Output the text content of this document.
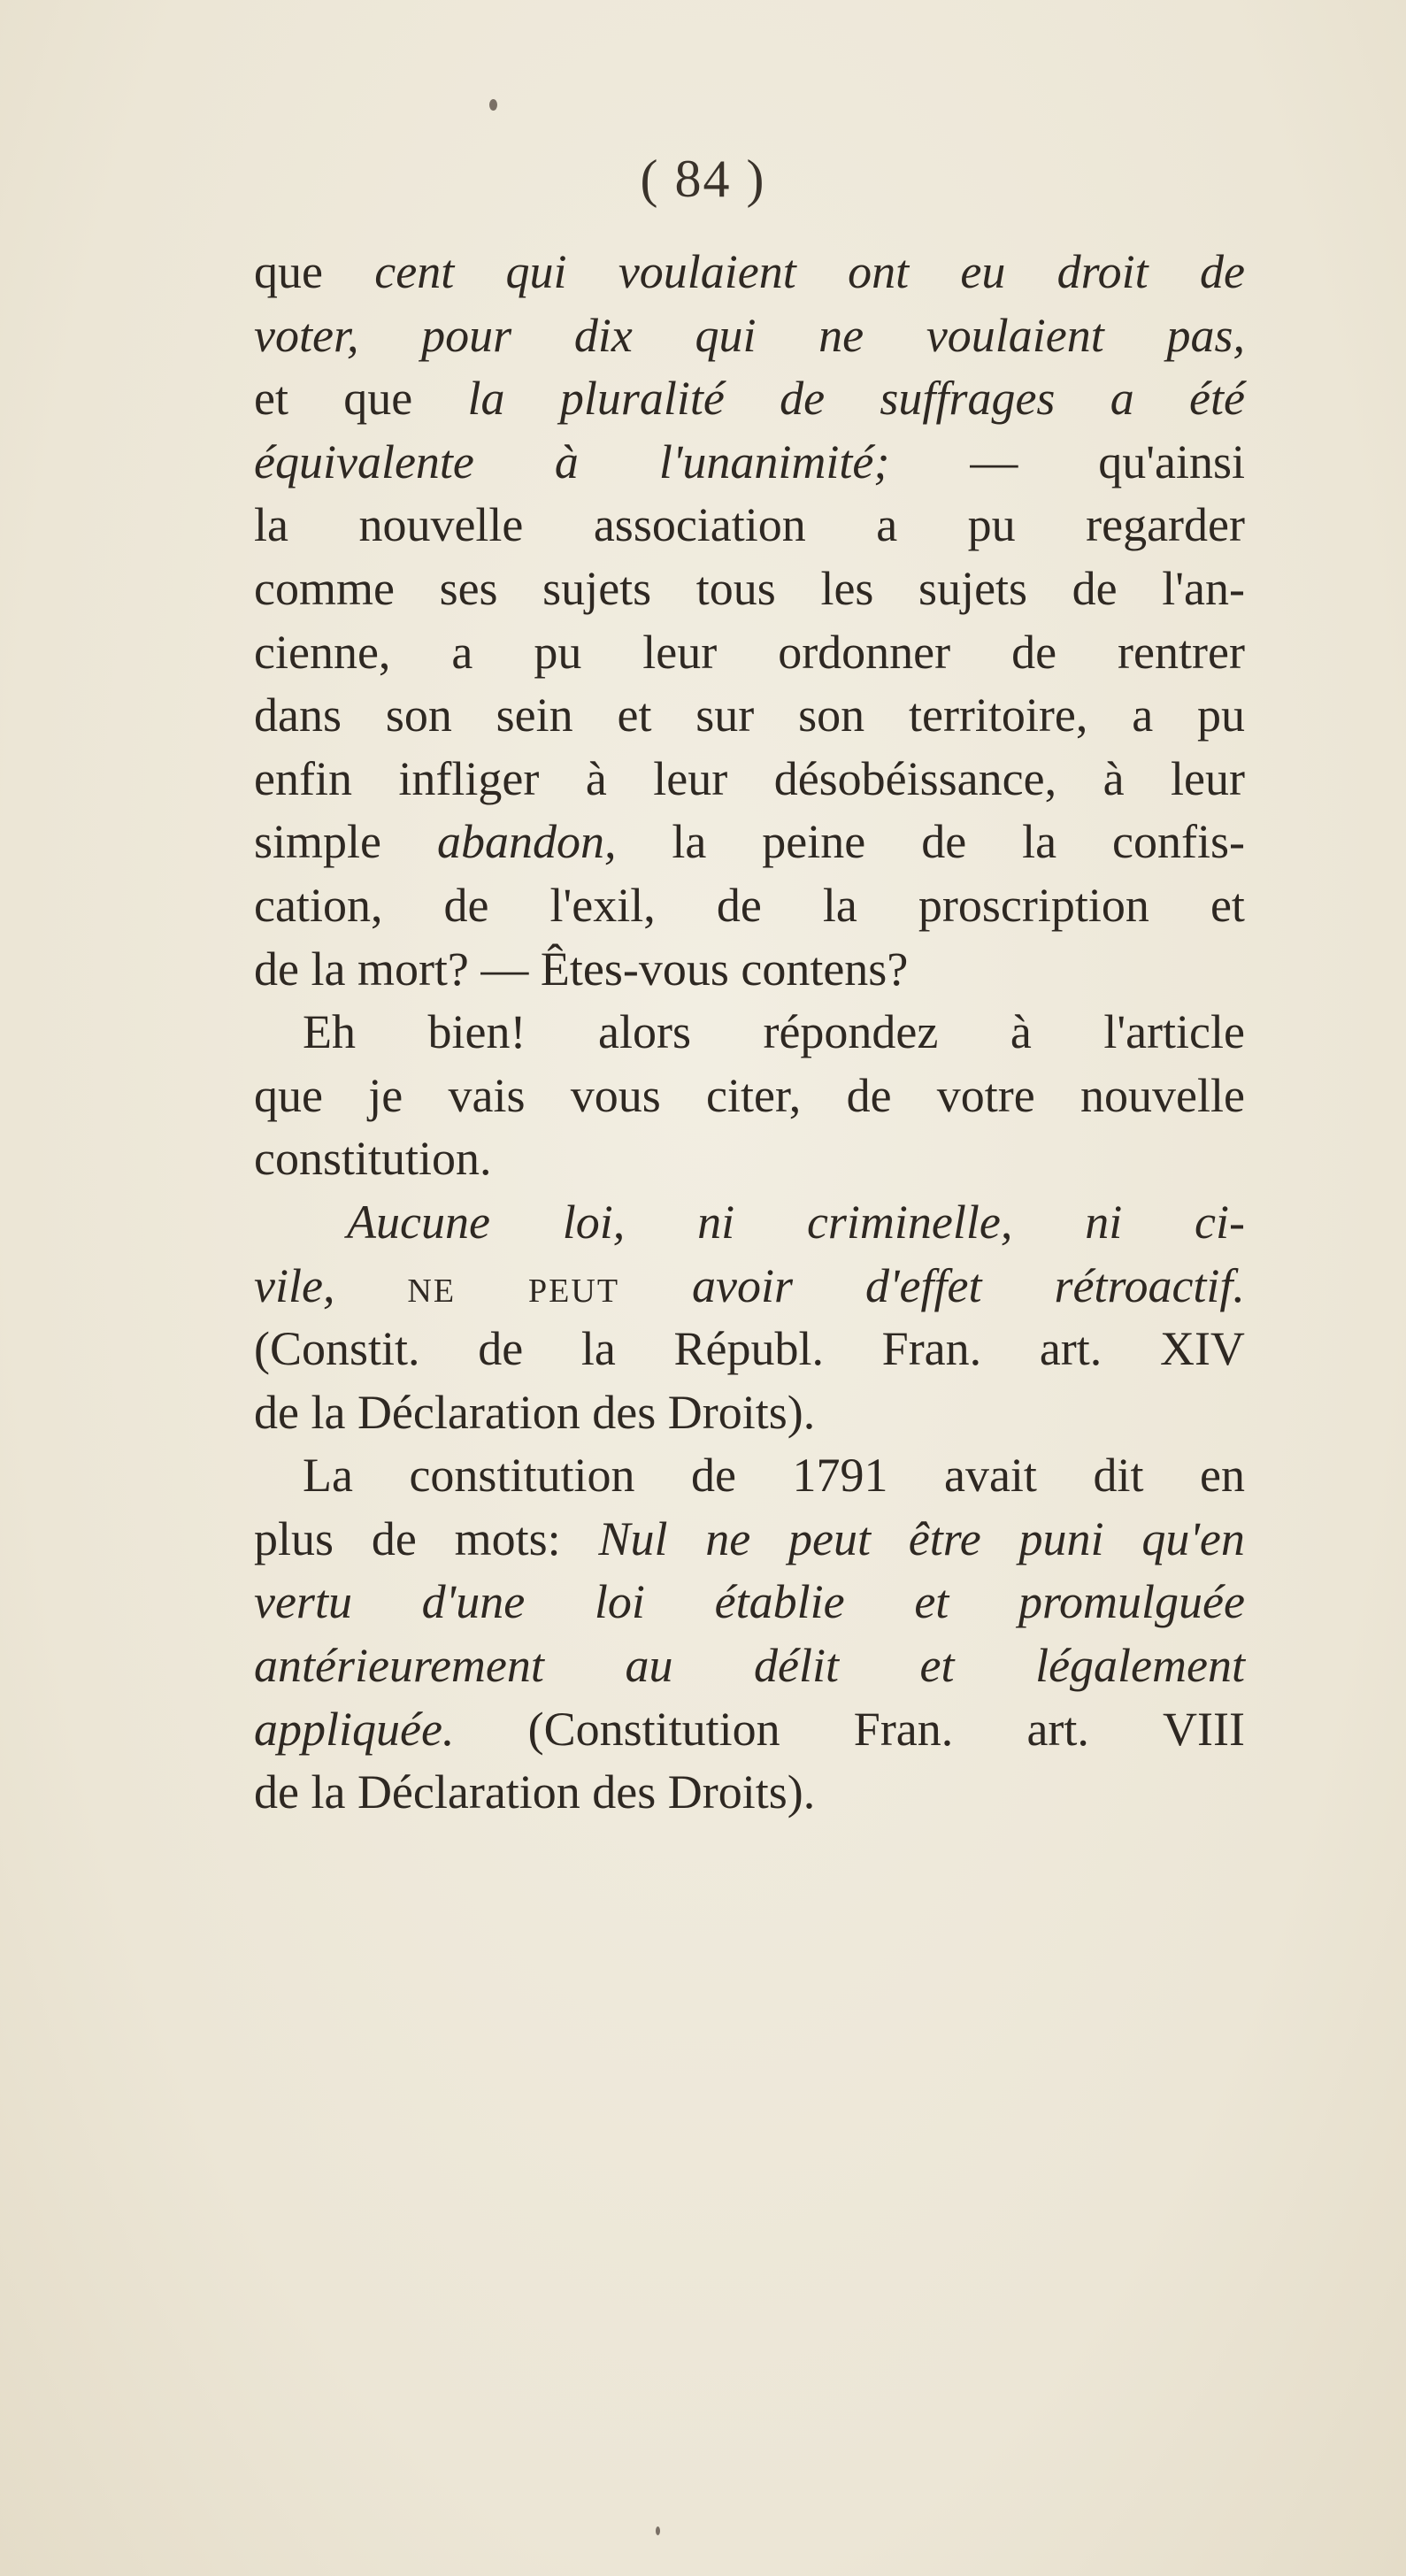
( 84 )
que cent qui voulaient ont eu droit de
voter, pour dix qui ne voulaient pas,
et que la pluralité de suffrages a été
équivalente à l'unanimité; — qu'ainsi
la nouvelle association a pu regarder
comme ses sujets tous les sujets de l'an-
cienne, a pu leur ordonner de rentrer
dans son sein et sur son territoire, a pu
enfin infliger à leur désobéissance, à leur
simple abandon, la peine de la confis-
cation, de l'exil, de la proscription et
de la mort? — Êtes-vous contens?
Eh bien! alors répondez à l'article
que je vais vous citer, de votre nouvelle
constitution.
Aucune loi, ni criminelle, ni ci-
vile, ne peut avoir d'effet rétroactif.
(Constit. de la Républ. Fran. art. XIV
de la Déclaration des Droits).
La constitution de 1791 avait dit en
plus de mots: Nul ne peut être puni qu'en
vertu d'une loi établie et promulguée
antérieurement au délit et légalement
appliquée. (Constitution Fran. art. VIII
de la Déclaration des Droits).
